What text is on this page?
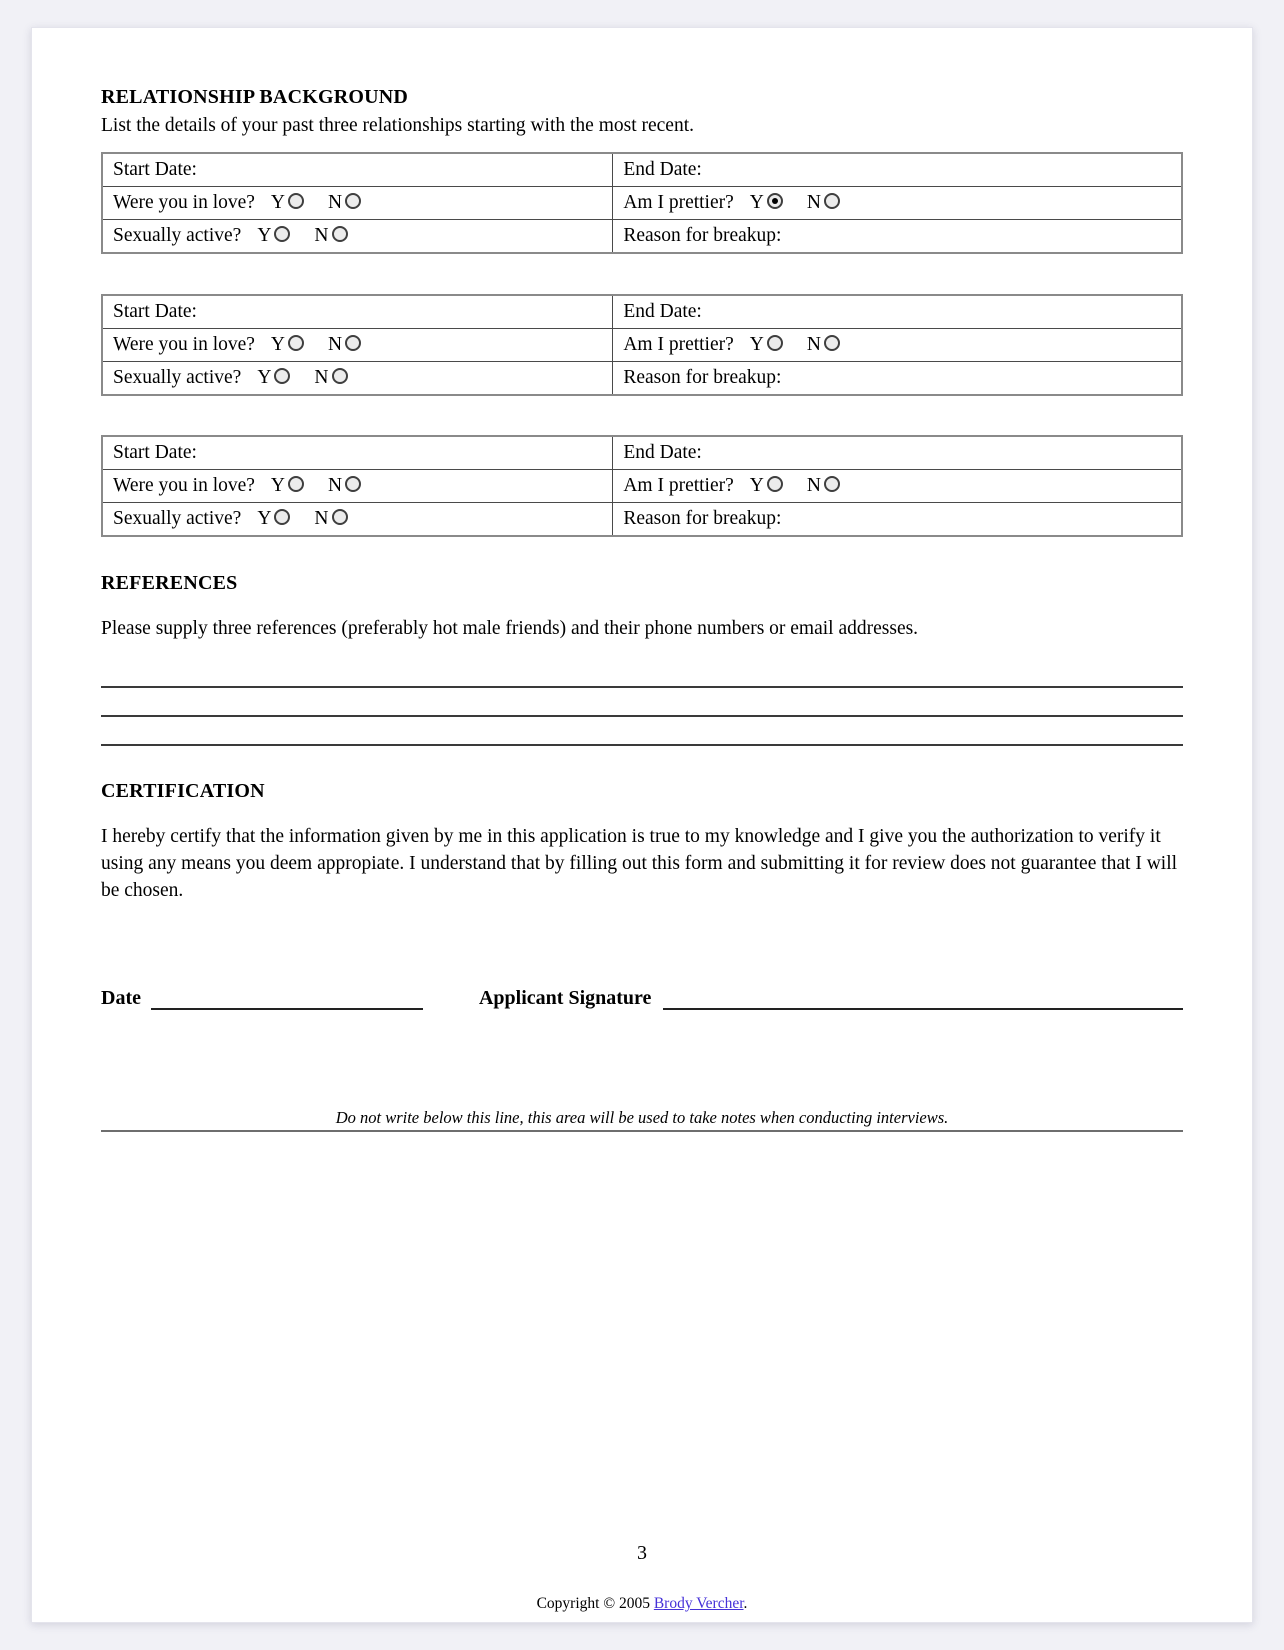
RELATIONSHIP BACKGROUND
List the details of your past three relationships starting with the most recent.
Start Date:	End Date:
Were you in love? Y N	Am I prettier? Y N
Sexually active? Y N	Reason for breakup:
Start Date:	End Date:
Were you in love? Y N	Am I prettier? Y N
Sexually active? Y N	Reason for breakup:
Start Date:	End Date:
Were you in love? Y N	Am I prettier? Y N
Sexually active? Y N	Reason for breakup:
REFERENCES
Please supply three references (preferably hot male friends) and their phone numbers or email addresses.
CERTIFICATION
I hereby certify that the information given by me in this application is true to my knowledge and I give you the authorization to verify it using any means you deem appropiate. I understand that by filling out this form and submitting it for review does not guarantee that I will be chosen.
Date	Applicant Signature
Do not write below this line, this area will be used to take notes when conducting interviews.
3
Copyright © 2005 Brody Vercher.
